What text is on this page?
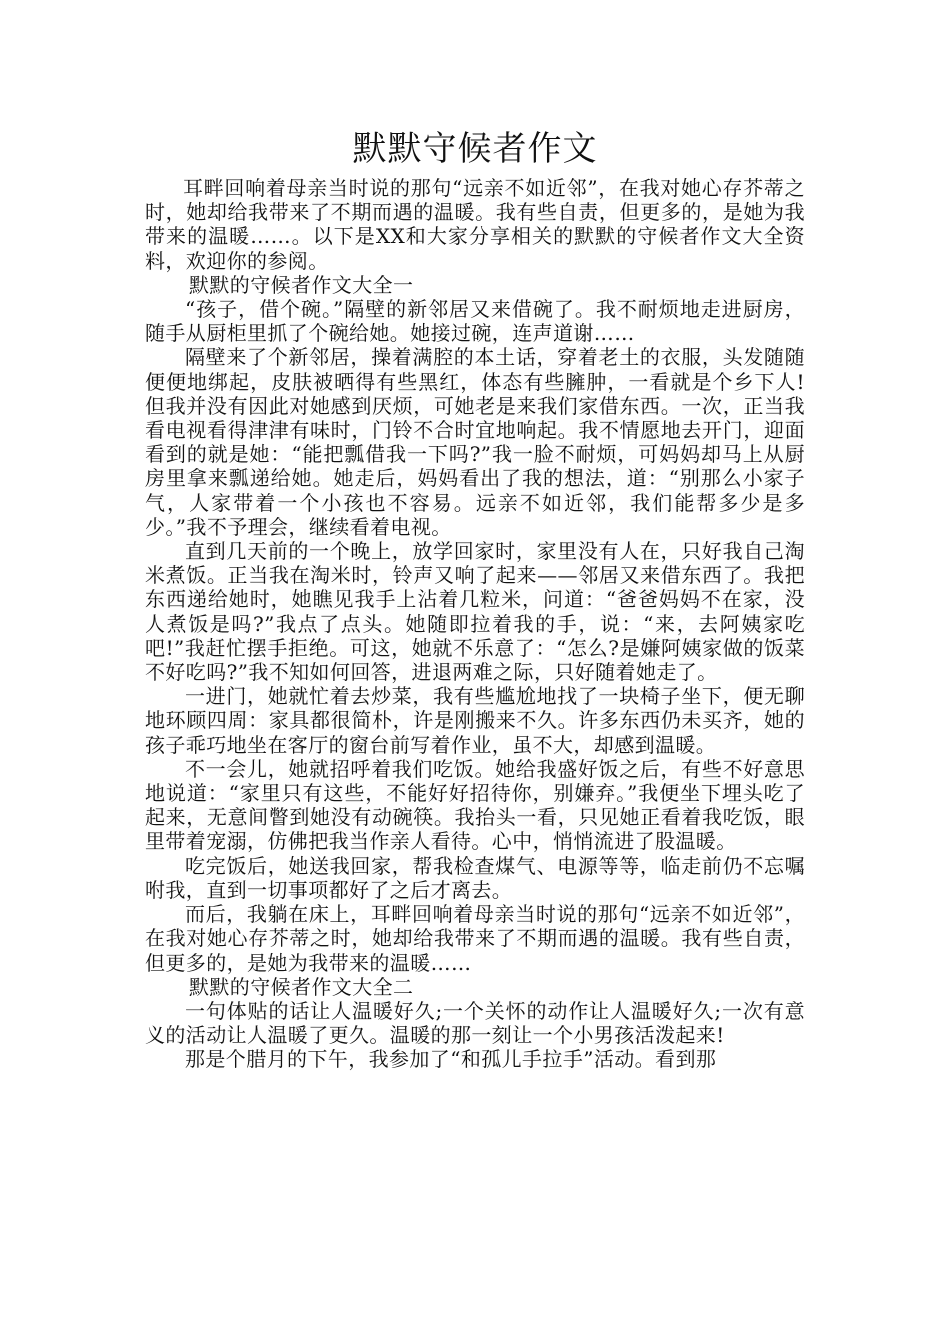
默默守候者作文

耳畔回响着母亲当时说的那句“远亲不如近邻”，在我对她心存芥蒂之时，她却给我带来了不期而遇的温暖。我有些自责，但更多的，是她为我带来的温暖……。以下是XX和大家分享相关的默默的守候者作文大全资料，欢迎你的参阅。

默默的守候者作文大全一

“孩子，借个碗。”隔壁的新邻居又来借碗了。我不耐烦地走进厨房，随手从厨柜里抓了个碗给她。她接过碗，连声道谢……

隔壁来了个新邻居，操着满腔的本土话，穿着老土的衣服，头发随随便便地绑起，皮肤被晒得有些黑红，体态有些臃肿，一看就是个乡下人!但我并没有因此对她感到厌烦，可她老是来我们家借东西。一次，正当我看电视看得津津有味时，门铃不合时宜地响起。我不情愿地去开门，迎面看到的就是她：“能把瓢借我一下吗?”我一脸不耐烦，可妈妈却马上从厨房里拿来瓢递给她。她走后，妈妈看出了我的想法，道：“别那么小家子气，人家带着一个小孩也不容易。远亲不如近邻，我们能帮多少是多少。”我不予理会，继续看着电视。

直到几天前的一个晚上，放学回家时，家里没有人在，只好我自己淘米煮饭。正当我在淘米时，铃声又响了起来——邻居又来借东西了。我把东西递给她时，她瞧见我手上沾着几粒米，问道：“爸爸妈妈不在家，没人煮饭是吗?”我点了点头。她随即拉着我的手，说：“来，去阿姨家吃吧!”我赶忙摆手拒绝。可这，她就不乐意了：“怎么?是嫌阿姨家做的饭菜不好吃吗?”我不知如何回答，进退两难之际，只好随着她走了。

一进门，她就忙着去炒菜，我有些尴尬地找了一块椅子坐下，便无聊地环顾四周：家具都很简朴，许是刚搬来不久。许多东西仍未买齐，她的孩子乖巧地坐在客厅的窗台前写着作业，虽不大，却感到温暖。

不一会儿，她就招呼着我们吃饭。她给我盛好饭之后，有些不好意思地说道：“家里只有这些，不能好好招待你，别嫌弃。”我便坐下埋头吃了起来，无意间瞥到她没有动碗筷。我抬头一看，只见她正看着我吃饭，眼里带着宠溺，仿佛把我当作亲人看待。心中，悄悄流进了股温暖。

吃完饭后，她送我回家，帮我检查煤气、电源等等，临走前仍不忘嘱咐我，直到一切事项都好了之后才离去。

而后，我躺在床上，耳畔回响着母亲当时说的那句“远亲不如近邻”，在我对她心存芥蒂之时，她却给我带来了不期而遇的温暖。我有些自责，但更多的，是她为我带来的温暖……

默默的守候者作文大全二

一句体贴的话让人温暖好久;一个关怀的动作让人温暖好久;一次有意义的活动让人温暖了更久。温暖的那一刻让一个小男孩活泼起来!

那是个腊月的下午，我参加了“和孤儿手拉手”活动。看到那
